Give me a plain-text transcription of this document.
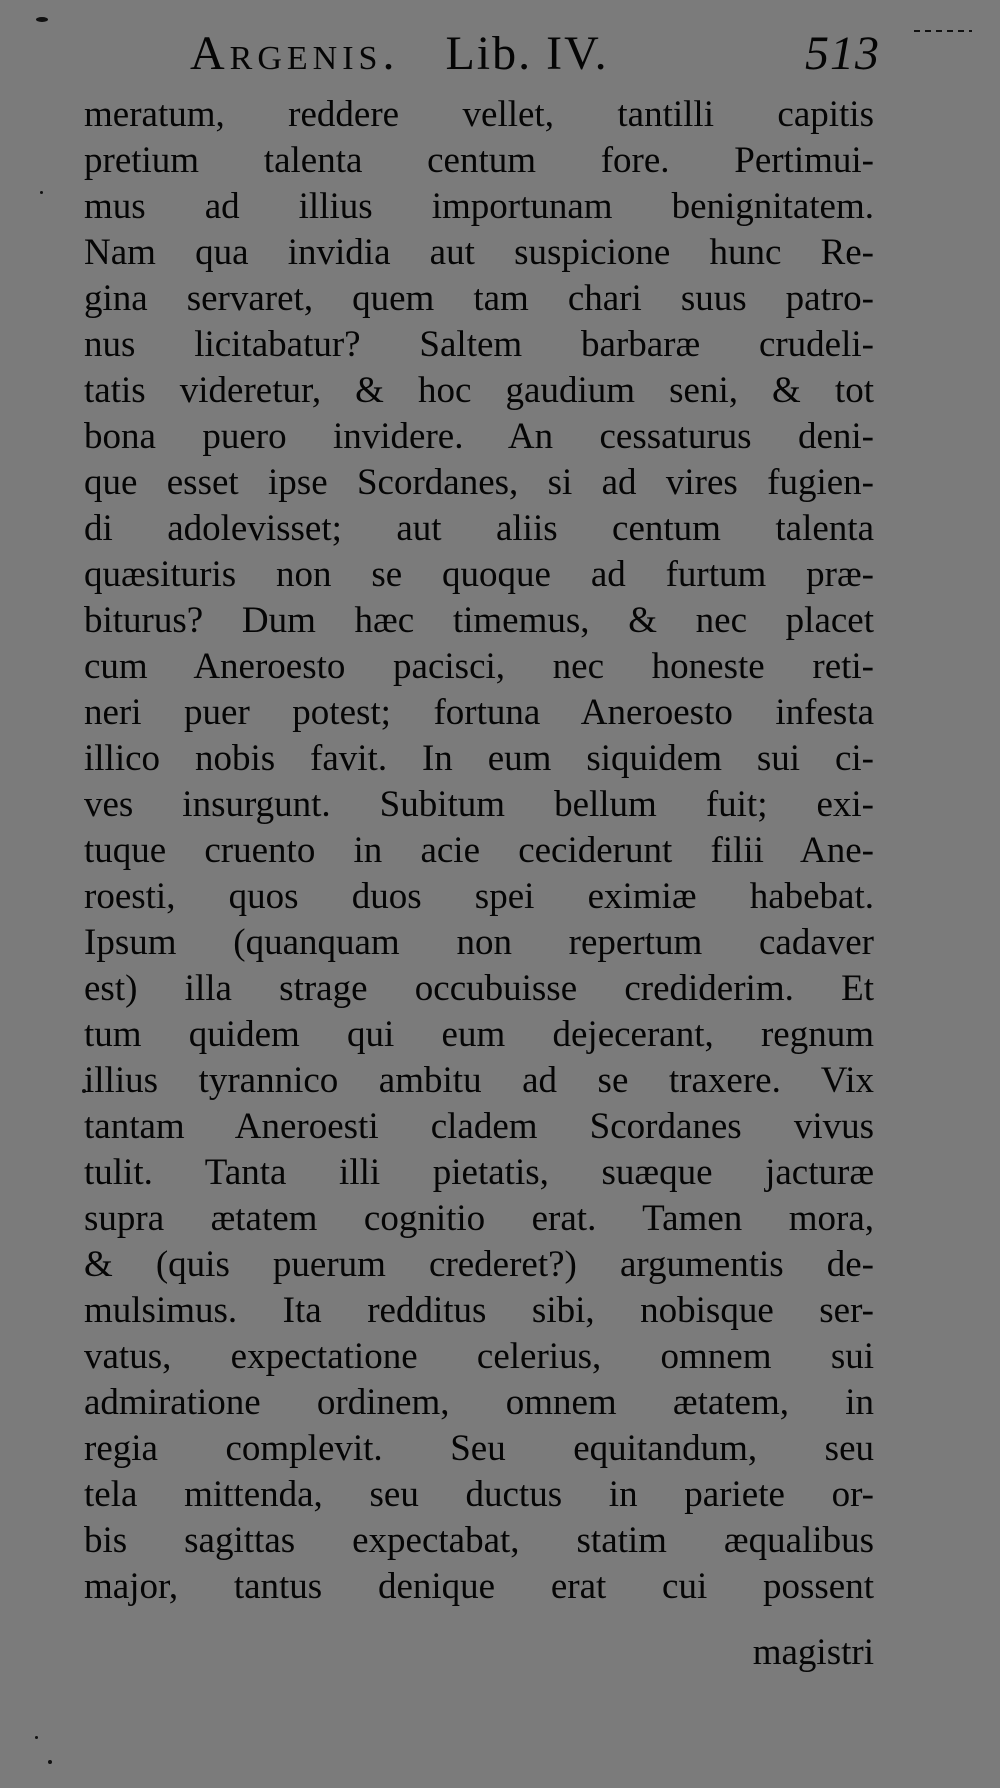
Argenis. Lib. IV.	513
meratum, reddere vellet, tantilli capitis
pretium talenta centum fore. Pertimui-
mus ad illius importunam benignitatem.
Nam qua invidia aut suspicione hunc Re-
gina servaret, quem tam chari suus patro-
nus licitabatur? Saltem barbaræ crudeli-
tatis videretur, & hoc gaudium seni, & tot
bona puero invidere. An cessaturus deni-
que esset ipse Scordanes, si ad vires fugien-
di adolevisset; aut aliis centum talenta
quæsituris non se quoque ad furtum præ-
biturus? Dum hæc timemus, & nec placet
cum Aneroesto pacisci, nec honeste reti-
neri puer potest; fortuna Aneroesto infesta
illico nobis favit. In eum siquidem sui ci-
ves insurgunt. Subitum bellum fuit; exi-
tuque cruento in acie ceciderunt filii Ane-
roesti, quos duos spei eximiæ habebat.
Ipsum (quanquam non repertum cadaver
est) illa strage occubuisse crediderim. Et
tum quidem qui eum dejecerant, regnum
illius tyrannico ambitu ad se traxere. Vix
tantam Aneroesti cladem Scordanes vivus
tulit. Tanta illi pietatis, suæque jacturæ
supra ætatem cognitio erat. Tamen mora,
& (quis puerum crederet?) argumentis de-
mulsimus. Ita redditus sibi, nobisque ser-
vatus, expectatione celerius, omnem sui
admiratione ordinem, omnem ætatem, in
regia complevit. Seu equitandum, seu
tela mittenda, seu ductus in pariete or-
bis sagittas expectabat, statim æqualibus
major, tantus denique erat cui possent
magistri
